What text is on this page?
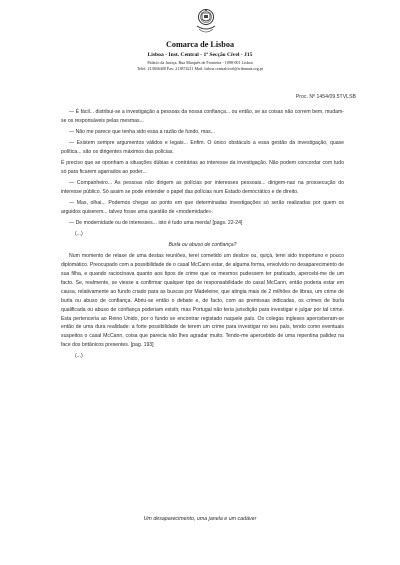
Comarca de Lisboa
Lisboa - Inst. Central - 1ª Secção Cível - J15
Palácio da Justiça, Rua Marquês de Fronteira - 1098-001 Lisboa
Telef: 213846400 Fax: 213874211 Mail: lisboa.centralcivel@tribunais.org.pt
Proc. Nº 1454/09.5TVLSB

— É fácil... distribui-se a investigação a pessoas da nossa confiança... ou então, se as coisas não correm bem, mudam-se os responsáveis pelas mesmas...

— Não me parece que tenha sido essa a razão de fundo, mas...

— Existem sempre argumentos válidos e legais... Enfim. O único obstáculo a essa gestão da investigação, quase política... são os dirigentes máximos das polícias.

É preciso que se oponham a situações dúbias e contrárias ao interesse da investigação. Não podem concordar com tudo só para ficarem agarrados ao poder...

— Companheiro... As pessoas não dirigem as polícias por interesses pessoais... dirigem-nas na prossecução do interesse público. Só assim se pode entender o papel das polícias num Estado democrático e de direito.

— Mas, olhai... Podemos chegar ao ponto em que determinadas investigações só serão realizadas por quem os arguidos quiserem... talvez fosse uma questão de «modernidade».

— De modernidade ou de interesses... isto é tudo uma merda! [pags. 22-24]

(...)

Burla ou abuso de confiança?

Num momento de relaxe de uma destas reuniões, terei cometido um deslize ou, quiçá, terei sido inoportuno e pouco diplomático. Preocupado com a possibilidade de o casal McCann estar, de alguma forma, envolvido no desaparecimento de sua filha, e quando raciocinava quanto aos tipos de crime que os mesmos pudessem ter praticado, apercebi-me de um facto. Se, realmente, se viesse a confirmar qualquer tipo de responsabilidade do casal McCann, então poderia estar em causa, relativamente ao fundo criado para as buscas por Madeleine, que atingia mais de 2 milhões de libras, um crime de burla ou abuso de confiança. Abriu-se então o debate e, de facto, com as premissas indicadas, os crimes de burla qualificada ou abuso de confiança poderiam existir, mas Portugal não teria jurisdição para investigar e julgar por tal crime. Esta pertenceria ao Reino Unido, por o fundo se encontrar registado naquele país. Os colegas ingleses aperceberam-se então de uma dura realidade: a forte possibilidade de terem um crime para investigar no seu país, tendo como eventuais suspeitos o casal McCann, coisa que parecia não lhes agradar muito. Tendo-me apercebido de uma repentina palidez na face dos britânicos presentes. [pag. 193]

(...)

Um desaparecimento, uma janela e um cadáver
